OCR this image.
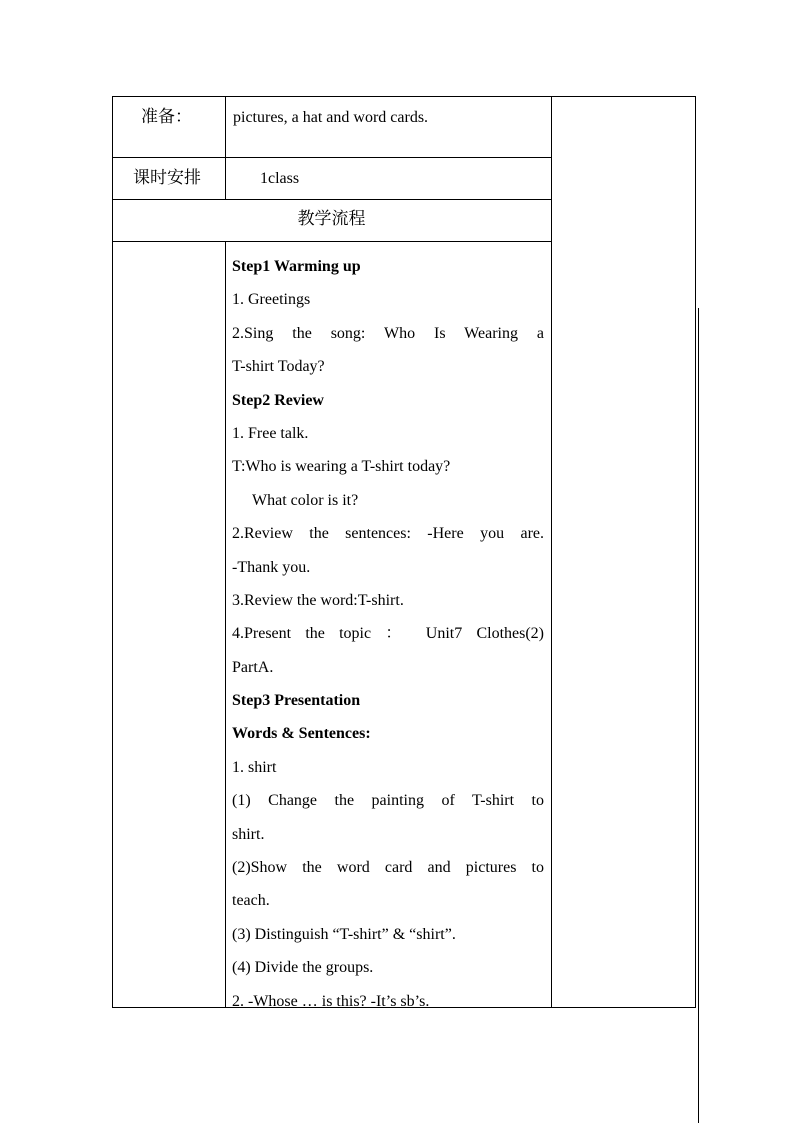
准备：	pictures, a hat and word cards.
课时安排	1class
教学流程

Step1 Warming up

1. Greetings

2.Sing the song: Who Is Wearing a

T-shirt Today?

Step2 Review

1. Free talk.

T:Who is wearing a T-shirt today?

What color is it?

2.Review the sentences: -Here you are.

-Thank you.

3.Review the word:T-shirt.

4.Present the topic ： Unit7 Clothes(2)

PartA.

Step3 Presentation

Words & Sentences:

1. shirt

(1) Change the painting of T-shirt to

shirt.

(2)Show the word card and pictures to

teach.

(3) Distinguish “T-shirt” & “shirt”.

(4) Divide the groups.

2. -Whose … is this? -It’s sb’s.
